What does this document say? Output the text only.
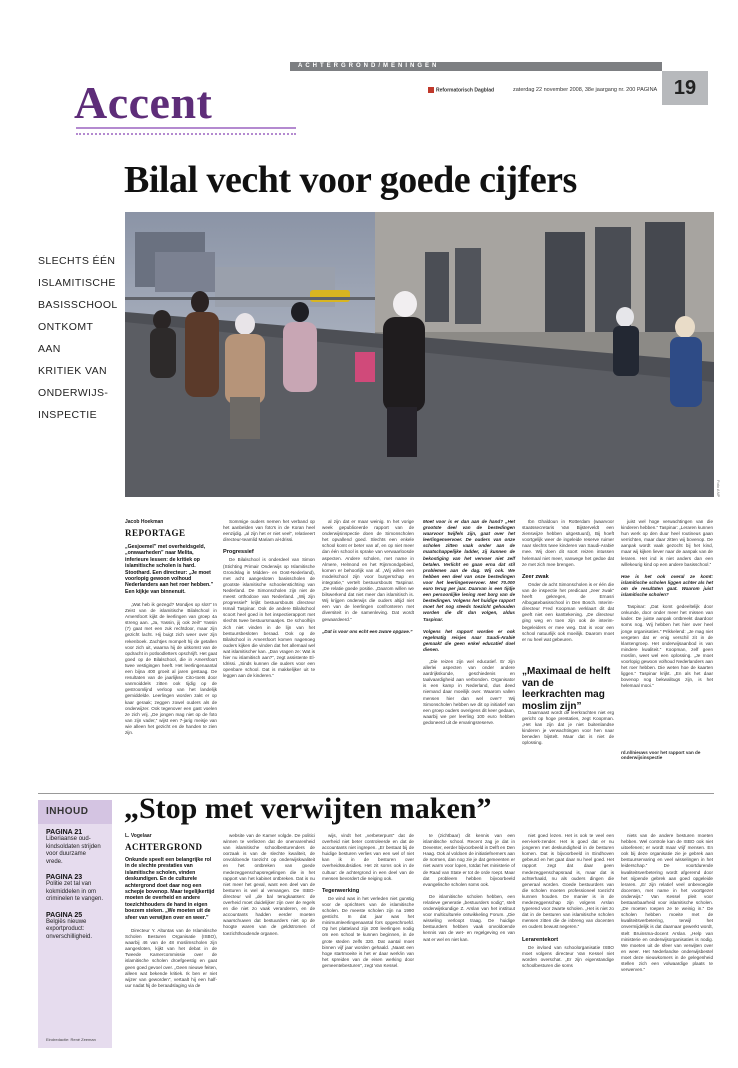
ACHTERGROND/MENINGEN
19
Accent	Reformatorisch Dagblad	zaterdag 22 november 2008, 38e jaargang nr. 200 PAGINA
Bilal vecht voor goede cijfers
SLECHTS ÉÉN
ISLAMITISCHE
BASISSCHOOL
ONTKOMT
AAN
KRITIEK VAN
ONDERWIJS-
INSPECTIE
Foto ANP
Jacob Hoekman
REPORTAGE
„Gesjoemel” met overheidsgeld, „onwaarheden” naar Melita, inferieure lessen: de kritiek op islamitische scholen is hard. Stoothard. Een directeur: „Je moet voorlopig gewoon volhoud Nederlanders aan het roer hebben.” Een kijkje van binnenuit.

„Wat heb ik gezegd? Mondjes op slot!” In Zeist van de islamitische Bilalschool in Amersfoort kijkt de leerlingen van groep 4a streng aan. „Ja, Yassin, jij ook zeil!” Yassin (7) gaat met een zuk rechtdoor, maar zijn gezicht lacht. Hij buigt zich weer over zijn rekenboek. Zachtjes mompelt hij de getallen voor zich uit, waarna hij de uitkomst van de opdracht in potloodletters opschrijft. Het gaat goed op de Bilalschool, die in Amersfoort twee vestigingen heeft. Het leerlingenaantal een bijna 400 groeit al jaren gestaag. De resultaten van de jaarlijkse Cito-toets door vanmoiddels zitten ook tijdig op de gestroomlijnd verloop van het landelijk gemiddelde. Leerlingen worden zakt er op kaar geraak; zeggen zowel ouders als de onderwijzer. Ook tegenover een gast voelen ze zich vrij. „De jongen mag niet op de foto van zijn vader,” wijst een 7-jarig meisje van wie alleen het gezicht en de handen te zien zijn.

Sommige ouders nemen het verband op het aanbelden van foto's in de Koran heel eenzijdig. „al zijn het er niet veel”, relativeert directeur-teamlid Mariam al-Idrissi.

Progressief

De Bilalschool is onderdeel van Simon (Stichting Primair Onderwijs op Islamitische Grondslag in Midden- en Oost-Nederland), met acht aangesloten basisscholen de grootste islamitische schoolenstichting van Nederland. De Simonscholen zijn niet de meest orthodoxe van Nederland. „Wij zijn progressief” krijkt bestuursbouts directeur Ismail Taspinar. Ook de andere Bilalschool scoort heel goed in het inspectierapport met slechts twee bestuursmaatjes. De schoolhijn zich niet vinden in de lijn van het bestuursbesloten beraad. Ook op de Bilalschool in Amersfoort komen nagenoeg ouders kijken die vinden dat het allemaal wel wat islamitischer kan. „Dan vragen ze: Wat is hier nu islamitisch aan?”, zegt assistente El-Idrissi. „Sinds kunnen die ouders voor een openbare school. Dat is makkelijker uit te leggen aan de kinderen.”

al zijn dat er maar weinig. In het vorige week gepubliceerde rapport van de onderwijsinspectie doen de Simonscholen het opvallend goed. Slechts een enkele school komt er beter van af, en op niet meer dan één school is sprake van verwaarloosde aspecten. Andere scholen, met name in Almere, Helmond en het Rijnmondgebied, komen er behoorlijk van af. „Wij willen een modelschool zijn voor burgerschap en integratie,” vertelt bestuursbouts Taspinar. „De relatie goede positie. „Daarom willen we bilswerkend dat niet meer dan islamitisch is. Wij krijgen onderwijs die ouders altijd niet een van de leerlingen confronteren met diversiteit in de samenleving. Dat wordt gewaardeerd.”

„Dat is voor ons echt een zware opgave.”

Moet voor is er dan aan de hand? „Het grootste deel van de bestedingen waarvoor twijfels zijn, gaat over het leerlingenvervoer. De ouders van onze scholen zitten vaak onder aan de maatschappelijke ladder, zij kunnen de bekostiging van het vervoer niet zelf betalen. Verlicht en gaan erna dat stil problemen aan de dag. Wij ook. We hebben een deel van onze bestedingen voor het leerlingenvervoer. Met 70.000 euro terug per jaar. Daarvan is een tijdje een persoonlijke lening met borg van de bestedingen. Volgens het huidige rapport moet het nog steeds toezicht gehouden worden die dit dan volgen, aldus Taspinar.

Volgens het rapport worden er ook regelmatig reisjes naar Saudi-Arabië gemaakt die geen enkel educatief doel dienen.

„Die reizen zijn wel educatief. Er zijn allerlei aspecten van onder andere aardrijkskunde, geschiedenis en taalvaardigheid aan verbonden. Organisator is een kamp in Nederland, dus deed niemand daar moeilijk over. Waarom vallen mensen hier dan wel over? Wij Simonscholen hebben we dit op initiatief van een groep ouders overigens dit keer gedaan, waarbij we per leerling 100 euro hebben gedoneerd uit de ervaringsreserve.

Ibn Ghaldoun in Rotterdam (waarvoor staatssecretaris Van Bijsterveldt een zienswijze hebben uitgestuurd), Bij hoeft voortgelijk weer de ingeleide reserve ruimer naar slechts twee kinderen van Saudi-Arabië mee. Wij doen dit soort reizen intussen helemaal niet meer, vanwege het gedoe dat ze met zich mee brengen.

Zeer zwak

Onder de acht Simonscholen is er één die van de inspectie het predicaat „zeer zwak” heeft gekregen, de Ernasri Albogatebasisschool in Den Bosch. Interim-directeur Fred Koopman verklaart dit dat geeft niet een kanttekening. „De directeur ging weg en toen zijn ook de interim-begeleiders er mee weg. Dat is voor een school natuurlijk ook moeilijk. Daarom moet er nu heel wat gebeuren.

„Maximaal de helft van de leerkrachten mag moslim zijn”

Daarnaast wordt de leerkrachten niet erg gericht op hoge prestaties, zegt Koopman. „Het kan zijn dat je niet buitenlandse kinderen je verwachtingen voor hen naar beneden bijstelt. Maar dat is niet de oplossing.

juist wel hoge verwachtingen van die kinderen hebben.” Taspinar: „Leraren kunnen hun werk op den duur heel routineus gaan verrichten, maar daar zitten wij bovenop. De aanpak wordt vaak gezocht bij het kind, maar wij kijken liever naar de aanpak van de leraren. Het ind is niet anders dan een willekeurig kind op een andere basisschool.”

Hoe is het ook overal ze komt: islamitische scholen liggen achter als het om de resultaten gaat. Waarom juist islamitische scholen?

Taspinar: „Dat komt gedeeltelijk door onkunde, door onder meer het missen van kader. De juiste aanpak ontbreekt daardoor soms nog. Wij hebben het hier over heel jonge organisaties.” Prikkelend: „Je mag niet vergeten dat er enig verschil zit in de klantengroep. Het onderwijsaanbod is van mindere kwaliteit.” Koopman, zelf geen moslim, weet wel een oplossing. „Je moet voorlopig gewoon volhoud Nederlanders aan het roer hebben. Die weten hoe de kaarten liggen.” Taspinar krijkt. „En als het daar bovenop nog bekwalitugs zijn, is het helemaal mooi.”

rd.nl/nieuws voor het rapport van de onderwijsinspectie
INHOUD
PAGINA 21
Liberiaanse oud-kindsoldaten strijden voor duurzame vrede.
PAGINA 23
Politie zet tal van kokmiddelen in om criminelen te vangen.
PAGINA 25
Belgiës nieuwe exportproduct: onverschilligheid.
Eindredactie: René Zeeman
„Stop met verwijten maken”
L. Vogelaar
ACHTERGROND
Onkunde speelt een belangrijke rol in de slechte prestaties van islamitische scholen, vinden deskundigen. En de culturele achtergrond doet daar nog een schepje bovenop. Maar tegelijkertijd moeten de overheid en andere toezichthouders de hand in eigen boezem steken. „We moeten uit de sfeer van verwijten over en weer.”

Directeur Y. Altuntas van de Islamitische Scholen Besturen Organisatie (ISBO), waarbij 46 van de 48 moslimscholen zijn aangesloten, kijkt van het debat in de Tweede Kamercommissie over de islamitische scholen droefgeestig en gaat geen goed gevoel over. „Geen nieuwe feiten, alleen wat bekende kritiek. Ik ben er niet wijzer van geworden”, vertaalt hij een half-uur nadat hij de beraadslaging via de

website van de Kamer volgde. De politici winnen te verliezen dat de onervarenheid van islamitische schoolbesturenders de oorzaak is van de slechte kwaliteit, de onvoldoende toezicht op onderwijskwaliteit en het ontbreken van goede medezeggenschapsregelingen die in het rapport van het kabinet ontbreken. Dat is nu niet meer het geval, want een deel van de besturen is wel al vervangen. De ISBO-directeur wil „de bal terugkaatsen: de overheid moet duidelijker zijn over de regels en die niet zo vaak veranderen, en de accountants hadden eerder moeten waarschuwen dat bestuurders niet op de hoogte waren van de geldstromen of toezichthoudende organen.

wijs, vindt het „verbeterpunt” dat de overheid niet beter controleerde en dat de accountants niet ingrepen. „Er bestaat bij de huidige besturen verlies van een wel of niet kan ik in de besturen over overheidssubsidies. Het zit soms ook in de cultuur: de achtergrond in een deel van de mensen bevordert die neiging ook.

Tegenwerking

De wind was in het verleden niet gunstig voor de oprichters van de islamitische scholen. De meeste scholen zijn na 1990 gesticht. In dat jaar was het minimumleerlingenaantal fors opgeschroefd. Op het platteland zijn 200 leerlingen nodig om een school te kunnen beginnen, in de grote steden zelfs 320. Dat aantal moet binnen vijf jaar worden gehaald. „Naast een hoge startmoeite is het er daar werk/in van het spreiden van de eisen werking door gemeentebesturen”, zegt Van Kessel.

te (zichtbaar) dit kennis van een islamitische school. Recent zag je dat in Deventer, eerder bijvoorbeeld in Delft en Den Haag. Ook al voldoen de initiatiefnemers aan de normen, dan nog zie je dat gemeenten er niet warm voor lopen, totdat het ministerie of de Raad van State er tot de orde roept. Maar dat probleem hebben bijvoorbeeld evangelische scholen soms ook.

De islamitische scholen hebben, een relatieve generatie „bestuurders nodig”, stelt onderwijskundige Z. Arslan van het instituut voor multiculturele ontwikkeling Forum. „Die wisseling verloopt traag. De huidige bestuurders hebben vaak onvoldoende kennis van de wet- en regelgeving en van wat er wel en niet kan.

niet goed lezen. Het is ook te veel een een-kerk-zender. Het is goed dat er nu jongeren met deskundigheid in de besturen komen. Dat is bijvoorbeeld in Eindhoven gebeurd en het gaat daar nu heel goed. Het rapport zegt dat daar geen medezeggenschapsraad is, maar dat is achterhaald, nu als ouders dingen die generaal worden. Goede bestuurders van die scholen moeten professioneel toezicht kunnen houden. De manier is in de medezeggenschap zijn volgens Arslan typerend voor zwarte scholen. „Het is niet zo dat in de besturen van islamitische scholen mensen zitten die de inbreng van docenten en ouders bewust negeren.”

Lerarentekort

De invloed van schoolorganisatie ISBO moet volgens directeur Van Kessel niet worden overschat. „Er zijn eigenstandige schoolbesturen die soms

niets van de andere besturen moeten hebben. Wel controle kan de ISBO ook niet uitoefenen; er wordt maar vrijf mensen. En ook bij deze organisatie zie je gebrek aan bestuurservaring en veel wisselingen in het leiderschap.” De voortdurende kwaliteitsverbetering wordt afgeremd door het nijpende gebrek aan goed opgeleide leraren. „Er zijn relatief veel onbevoegde docenten, met name in het voortgezet onderwijs.” Van Kessel pleit voor bestaanbaarheid voor islamitische scholen. „De moeten roepen ze te weinig in.” De scholen hebben moeite met de kwaliteitsverbetering, terwijl het onvermijdelijk is dat daarnaar gewerkt wordt, stelt Bruinsma-docent Arslan. „Help van ministerie en onderwijsorganisaties is nodig. We moeten uit de sfeer van verwijten over en weer. Het Nederlandse onderwijsbestel moet deze nieuwkomers in de gelegenheid stellen zich een volwaardige plaats te verwerven.”
